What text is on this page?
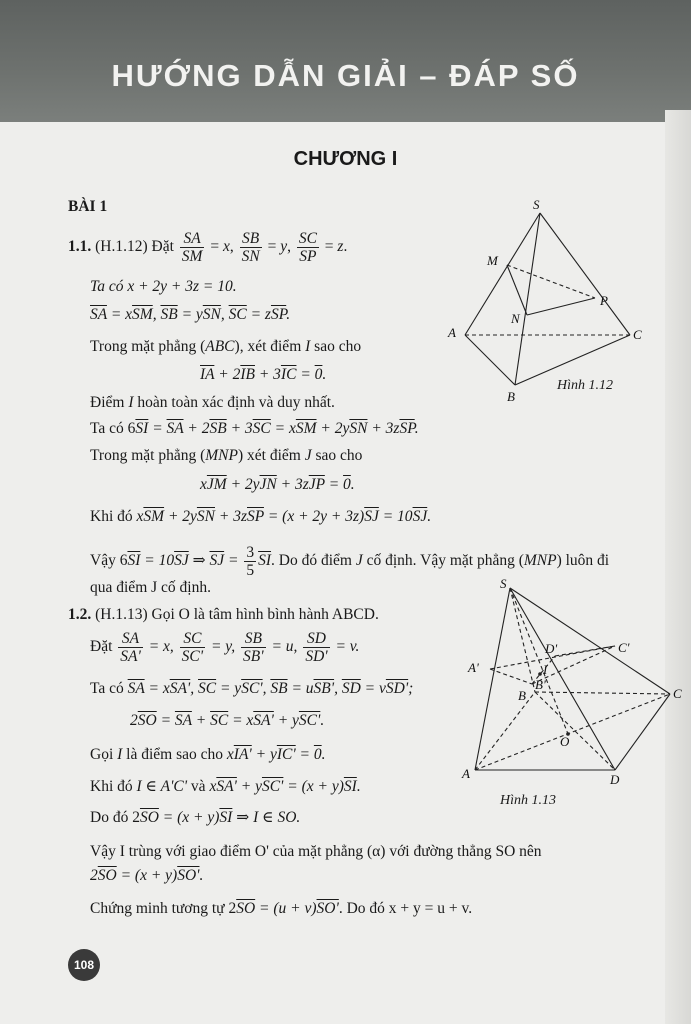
HƯỚNG DẪN GIẢI – ĐÁP SỐ
CHƯƠNG I
BÀI 1
1.1. (H.1.12) Đặt $\frac{SA}{SM} = x$, $\frac{SB}{SN} = y$, $\frac{SC}{SP} = z$.
Ta có x + 2y + 3z = 10.
$\overline{SA} = x\overline{SM}$, $\overline{SB} = y\overline{SN}$, $\overline{SC} = z\overline{SP}$.
Trong mặt phẳng (ABC), xét điểm I sao cho
$\overline{IA} + 2\overline{IB} + 3\overline{IC} = 0$.
Điểm I hoàn toàn xác định và duy nhất.
Ta có $6\overline{SI} = \overline{SA} + 2\overline{SB} + 3\overline{SC} = x\overline{SM} + 2y\overline{SN} + 3z\overline{SP}$.
Trong mặt phẳng (MNP) xét điểm J sao cho
$x\overline{JM} + 2y\overline{JN} + 3z\overline{JP} = 0$.
Khi đó $x\overline{SM} + 2y\overline{SN} + 3z\overline{SP} = (x + 2y + 3z)\overline{SJ} = 10\overline{SJ}$.
Vậy $6\overline{SI} = 10\overline{SJ}$ ⇒ $\overline{SJ} = \frac{3}{5} \overline{SI}$. Do đó điểm J cố định. Vậy mặt phẳng (MNP) luôn đi
qua điểm J cố định.
1.2. (H.1.13) Gọi O là tâm hình bình hành ABCD.
Đặt $\frac{SA}{SA'} = x$, $\frac{SC}{SC'} = y$, $\frac{SB}{SB'} = u$, $\frac{SD}{SD'} = v$.
Ta có $\overline{SA} = xSA'$, $\overline{SC} = ySC'$, $\overline{SB} = uSB'$, $\overline{SD} = vSD'$;
$2\overline{SO} = \overline{SA} + \overline{SC} = xSA' + ySC'$.
Gọi I là điểm sao cho xIA' + yIC' = 0.
Khi đó I ∈ A'C' và $xSA' + ySC' = (x + y)\overline{SI}$.
Do đó $2\overline{SO} = (x + y)\overline{SI}$ ⇒ I ∈ SO.
Vậy I trùng với giao điểm O' của mặt phẳng (α) với đường thẳng SO nên
$2\overline{SO} = (x + y)SO'$.
Chứng minh tương tự $2\overline{SO} = (u + v)SO'$. Do đó x + y = u + v.
S
M
N
P
A
B
C
Hình 1.12
S
D'	C'
A'
B'
I
B	C
O
A	D
Hình 1.13
108
